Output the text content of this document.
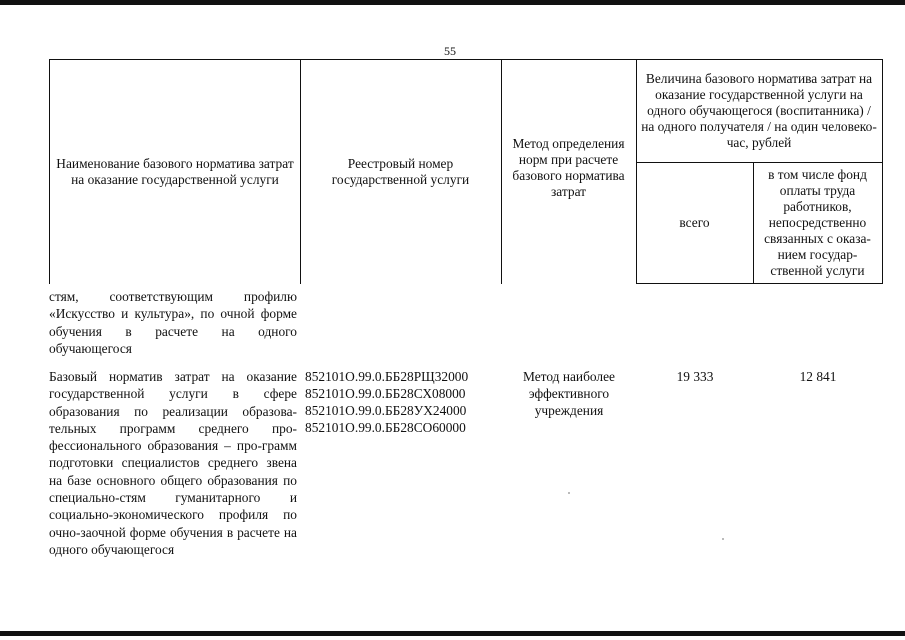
55
Наименование базового норматива затрат на оказание государственной услуги
Реестровый номер государственной услуги
Метод определения норм при расчете базового норматива затрат
Величина базового норматива затрат на оказание государственной услуги на одного обучающегося (воспитанника) / на одного получателя / на один человеко-час, рублей
всего
в том числе фонд оплаты труда работников, непосредственно связанных с оказа-нием государ-ственной услуги
стям, соответствующим профилю «Искусство и культура», по очной форме обучения в расчете на одного обучающегося
Базовый норматив затрат на оказание государственной услуги в сфере образования по реализации образова-тельных программ среднего про-фессионального образования – про-грамм подготовки специалистов среднего звена на базе основного общего образования по специально-стям гуманитарного и социально-экономического профиля по очно-заочной форме обучения в расчете на одного обучающегося
852101О.99.0.ББ28РЩ32000
852101О.99.0.ББ28СХ08000
852101О.99.0.ББ28УХ24000
852101О.99.0.ББ28СО60000
Метод наиболее эффективного учреждения
19 333	12 841
